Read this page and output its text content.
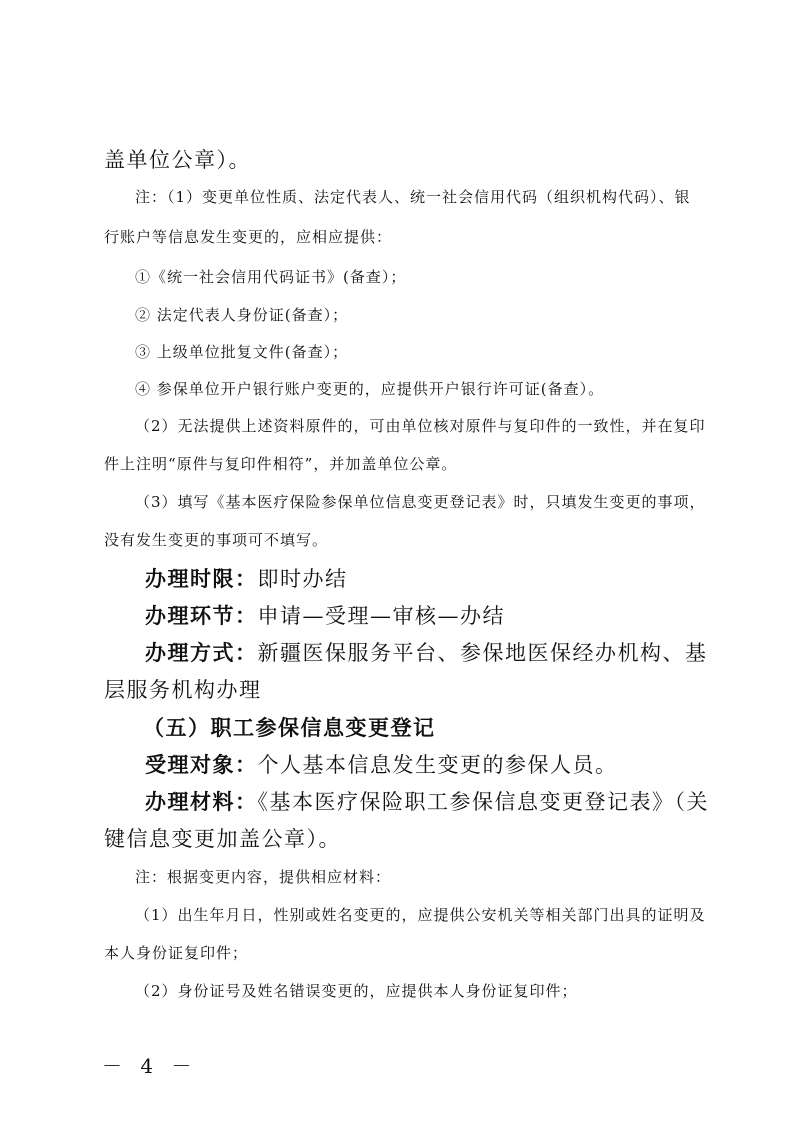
盖单位公章）。
注：（1）变更单位性质、法定代表人、统一社会信用代码（组织机构代码）、银
行账户等信息发生变更的，应相应提供：
①《统一社会信用代码证书》(备查）；
② 法定代表人身份证(备查）；
③ 上级单位批复文件(备查）；
④ 参保单位开户银行账户变更的，应提供开户银行许可证(备查）。
（2）无法提供上述资料原件的，可由单位核对原件与复印件的一致性，并在复印
件上注明“原件与复印件相符”，并加盖单位公章。
（3）填写《基本医疗保险参保单位信息变更登记表》时，只填发生变更的事项，
没有发生变更的事项可不填写。
办理时限：即时办结
办理环节：申请—受理—审核—办结
办理方式：新疆医保服务平台、参保地医保经办机构、基
层服务机构办理
（五）职工参保信息变更登记
受理对象：个人基本信息发生变更的参保人员。
办理材料：《基本医疗保险职工参保信息变更登记表》（关
键信息变更加盖公章）。
注：根据变更内容，提供相应材料：
（1）出生年月日，性别或姓名变更的，应提供公安机关等相关部门出具的证明及
本人身份证复印件；
（2）身份证号及姓名错误变更的，应提供本人身份证复印件；
－ 4 －
